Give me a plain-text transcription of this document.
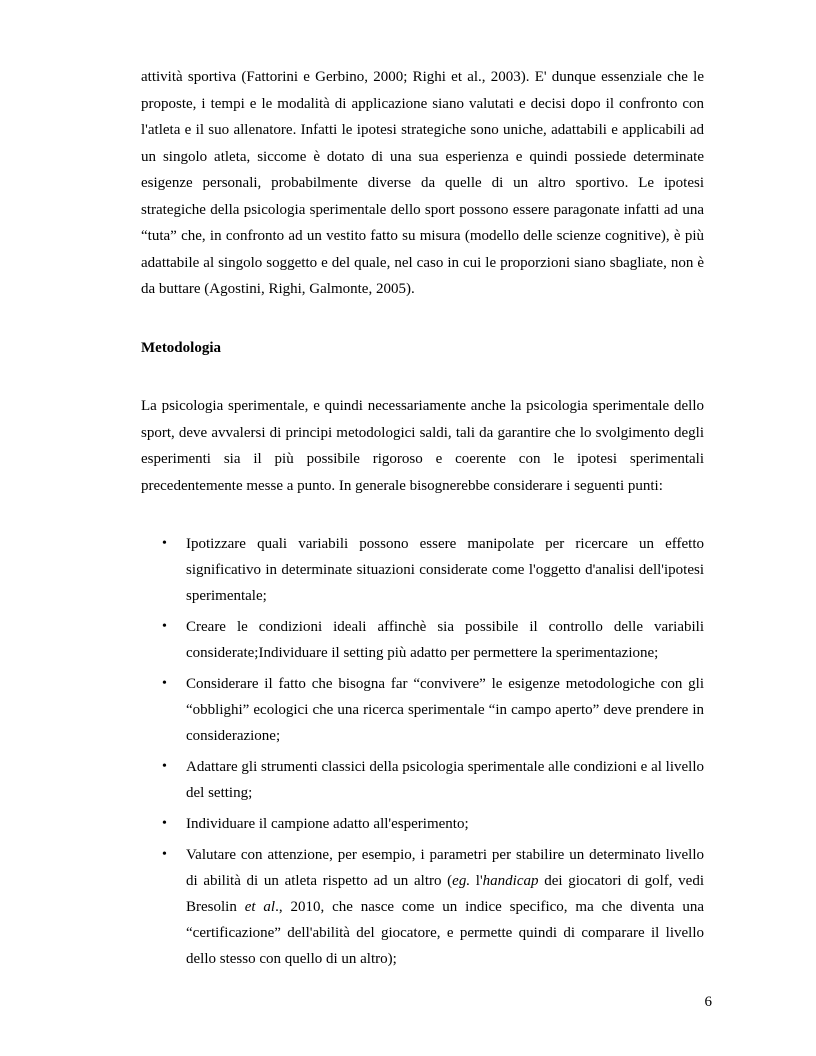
attività sportiva (Fattorini e Gerbino, 2000; Righi et al., 2003). E' dunque essenziale che le proposte, i tempi e le modalità di applicazione siano valutati e decisi dopo il confronto con l'atleta e il suo allenatore. Infatti le ipotesi strategiche sono uniche, adattabili e applicabili ad un singolo atleta, siccome è dotato di una sua esperienza e quindi possiede determinate esigenze personali, probabilmente diverse da quelle di un altro sportivo. Le ipotesi strategiche della psicologia sperimentale dello sport possono essere paragonate infatti ad una “tuta” che, in confronto ad un vestito fatto su misura (modello delle scienze cognitive), è più adattabile al singolo soggetto e del quale, nel caso in cui le proporzioni siano sbagliate, non è da buttare (Agostini, Righi, Galmonte, 2005).

Metodologia

La psicologia sperimentale, e quindi necessariamente anche la psicologia sperimentale dello sport, deve avvalersi di principi metodologici saldi, tali da garantire che lo svolgimento degli esperimenti sia il più possibile rigoroso e coerente con le ipotesi sperimentali precedentemente messe a punto. In generale bisognerebbe considerare i seguenti punti:

• Ipotizzare quali variabili possono essere manipolate per ricercare un effetto significativo in determinate situazioni considerate come l'oggetto d'analisi dell'ipotesi sperimentale;
• Creare le condizioni ideali affinchè sia possibile il controllo delle variabili considerate;Individuare il setting più adatto per permettere la sperimentazione;
• Considerare il fatto che bisogna far “convivere” le esigenze metodologiche con gli “obblighi” ecologici che una ricerca sperimentale “in campo aperto” deve prendere in considerazione;
• Adattare gli strumenti classici della psicologia sperimentale alle condizioni e al livello del setting;
• Individuare il campione adatto all'esperimento;
• Valutare con attenzione, per esempio, i parametri per stabilire un determinato livello di abilità di un atleta rispetto ad un altro (eg. l'handicap dei giocatori di golf, vedi Bresolin et al., 2010, che nasce come un indice specifico, ma che diventa una “certificazione” dell'abilità del giocatore, e permette quindi di comparare il livello dello stesso con quello di un altro);
6
